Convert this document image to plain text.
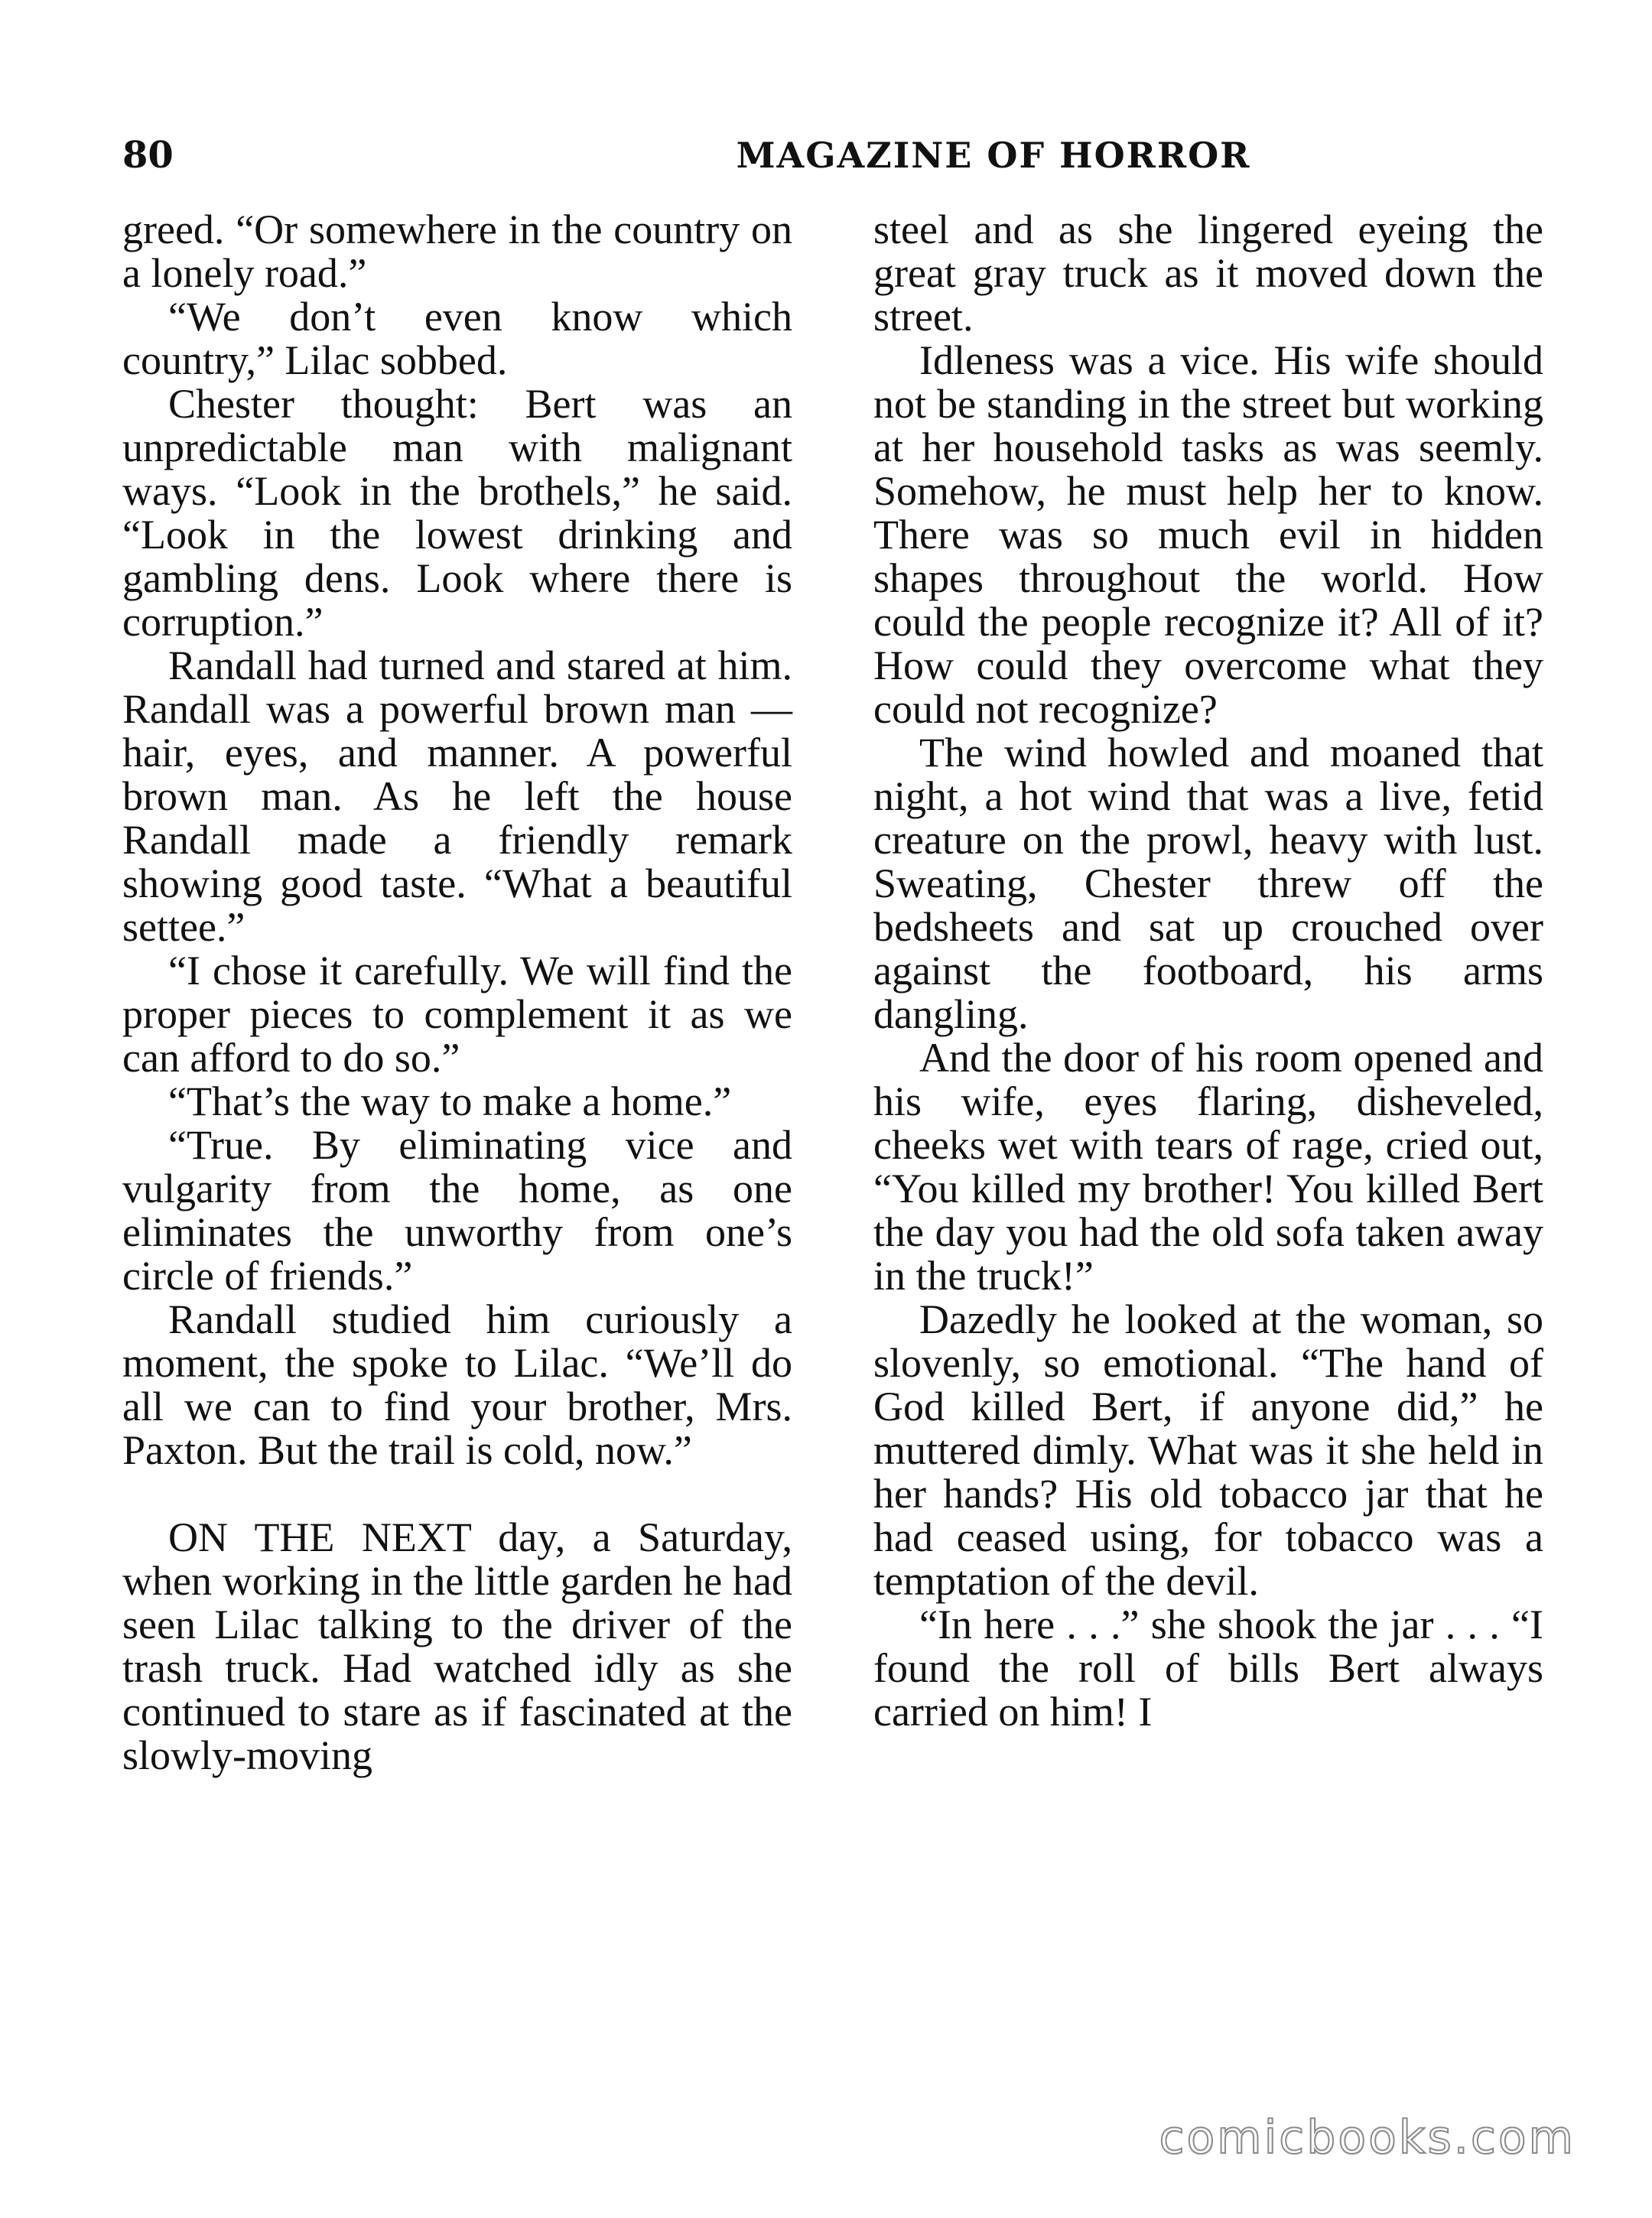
80	MAGAZINE OF HORROR

greed. “Or somewhere in the country on a lonely road.”

“We don’t even know which country,” Lilac sobbed.

Chester thought: Bert was an unpredictable man with malignant ways. “Look in the brothels,” he said. “Look in the lowest drinking and gambling dens. Look where there is corruption.”

Randall had turned and stared at him. Randall was a powerful brown man — hair, eyes, and manner. A powerful brown man. As he left the house Randall made a friendly remark showing good taste. “What a beautiful settee.”

“I chose it carefully. We will find the proper pieces to complement it as we can afford to do so.”

“That’s the way to make a home.”

“True. By eliminating vice and vulgarity from the home, as one eliminates the unworthy from one’s circle of friends.”

Randall studied him curiously a moment, the spoke to Lilac. “We’ll do all we can to find your brother, Mrs. Paxton. But the trail is cold, now.”

ON THE NEXT day, a Saturday, when working in the little garden he had seen Lilac talking to the driver of the trash truck. Had watched idly as she continued to stare as if fascinated at the slowly-moving

steel and as she lingered eyeing the great gray truck as it moved down the street.

Idleness was a vice. His wife should not be standing in the street but working at her household tasks as was seemly. Somehow, he must help her to know. There was so much evil in hidden shapes throughout the world. How could the people recognize it? All of it? How could they overcome what they could not recognize?

The wind howled and moaned that night, a hot wind that was a live, fetid creature on the prowl, heavy with lust. Sweating, Chester threw off the bedsheets and sat up crouched over against the footboard, his arms dangling.

And the door of his room opened and his wife, eyes flaring, disheveled, cheeks wet with tears of rage, cried out, “You killed my brother! You killed Bert the day you had the old sofa taken away in the truck!”

Dazedly he looked at the woman, so slovenly, so emotional. “The hand of God killed Bert, if anyone did,” he muttered dimly. What was it she held in her hands? His old tobacco jar that he had ceased using, for tobacco was a temptation of the devil.

“In here . . .” she shook the jar . . . “I found the roll of bills Bert always carried on him! I

comicbooks.com
